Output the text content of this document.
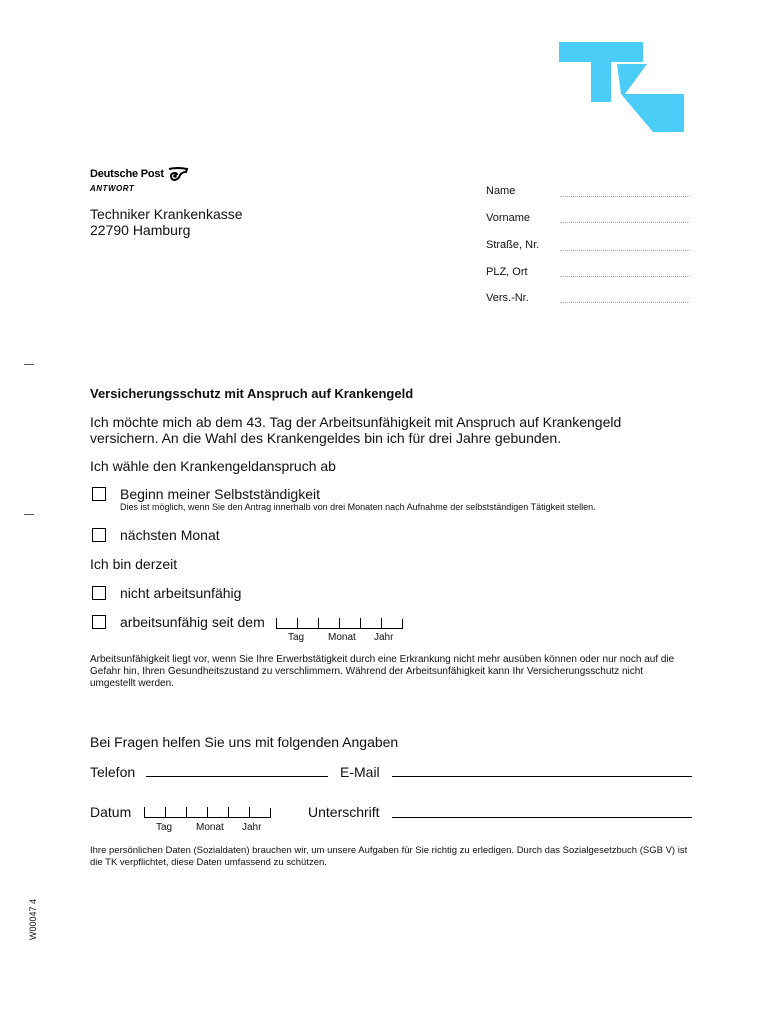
Deutsche Post
ANTWORT
Techniker Krankenkasse
22790 Hamburg
Name
Vorname
Straße, Nr.
PLZ, Ort
Vers.-Nr.
Versicherungsschutz mit Anspruch auf Krankengeld
Ich möchte mich ab dem 43. Tag der Arbeitsunfähigkeit mit Anspruch auf Krankengeld versichern. An die Wahl des Krankengeldes bin ich für drei Jahre gebunden.
Ich wähle den Krankengeldanspruch ab
Beginn meiner Selbstständigkeit
Dies ist möglich, wenn Sie den Antrag innerhalb von drei Monaten nach Aufnahme der selbstständigen Tätigkeit stellen.
nächsten Monat
Ich bin derzeit
nicht arbeitsunfähig
arbeitsunfähig seit dem
Tag Monat Jahr
Arbeitsunfähigkeit liegt vor, wenn Sie Ihre Erwerbstätigkeit durch eine Erkrankung nicht mehr ausüben können oder nur noch auf die Gefahr hin, Ihren Gesundheitszustand zu verschlimmern. Während der Arbeitsunfähigkeit kann Ihr Versicherungsschutz nicht umgestellt werden.
Bei Fragen helfen Sie uns mit folgenden Angaben
Telefon	E-Mail
Datum
Tag Monat Jahr
Unterschrift
Ihre persönlichen Daten (Sozialdaten) brauchen wir, um unsere Aufgaben für Sie richtig zu erledigen. Durch das Sozialgesetzbuch (SGB V) ist die TK verpflichtet, diese Daten umfassend zu schützen.
W00047 4
